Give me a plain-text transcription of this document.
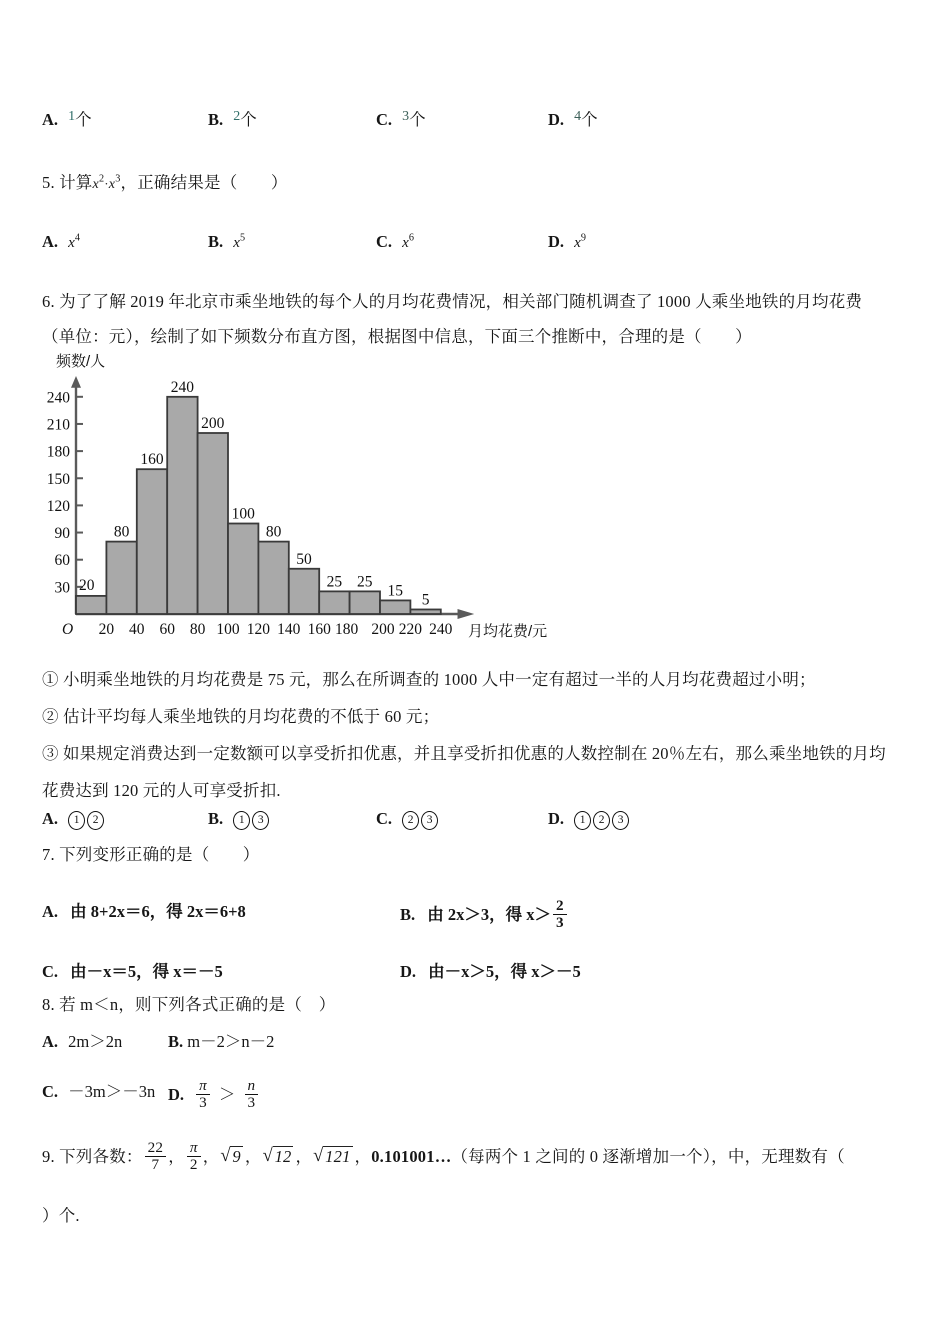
A. $^1$个	B. $^2$个	C. $^3$个	D. $^4$个
5. 计算$x^2\cdot x^3$，正确结果是（　　）
A. $x^4$	B. $x^5$	C. $x^6$	D. $x^9$
6. 为了了解 2019 年北京市乘坐地铁的每个人的月均花费情况，相关部门随机调查了 1000 人乘坐地铁的月均花费
（单位：元），绘制了如下频数分布直方图，根据图中信息，下面三个推断中，合理的是（　　）
频数/人
20
80
160
240
200
100
80
50
25 25
15
5
30
60
90
120
150
180
210
240
20 40 60 80 100 120 140 160 180 200 220 240 月均花费/元
O
① 小明乘坐地铁的月均花费是 75 元，那么在所调查的 1000 人中一定有超过一半的人月均花费超过小明；
② 估计平均每人乘坐地铁的月均花费的不低于 60 元；
③ 如果规定消费达到一定数额可以享受折扣优惠，并且享受折扣优惠的人数控制在 20％左右，那么乘坐地铁的月均
花费达到 120 元的人可享受折扣.
A. 1 2	B. 1 3	C. 2 3	D. 1 2 3
7. 下列变形正确的是（　　）
A. 由 8+2x＝6，得 2x＝6+8	B. 由 2x＞3，得 $x> \frac{2}{3}$
C. 由－x＝5，得 x＝－5	D. 由－x＞5，得 x＞－5
8. 若 m＜n，则下列各式正确的是（　）
A. 2m＞2n	B. m－2＞n－2
C. －3m＞－3n D. $\frac{\pi}{3} > \frac{n}{3}$
9. 下列各数： $\frac{22}{7}$ ， $\frac{\pi}{2}$ ， √ 9 ， √ 12 ， √ 121 ，0.101001…（每两个 1 之间的 0 逐渐增加一个），中，无理数有（
）个.
